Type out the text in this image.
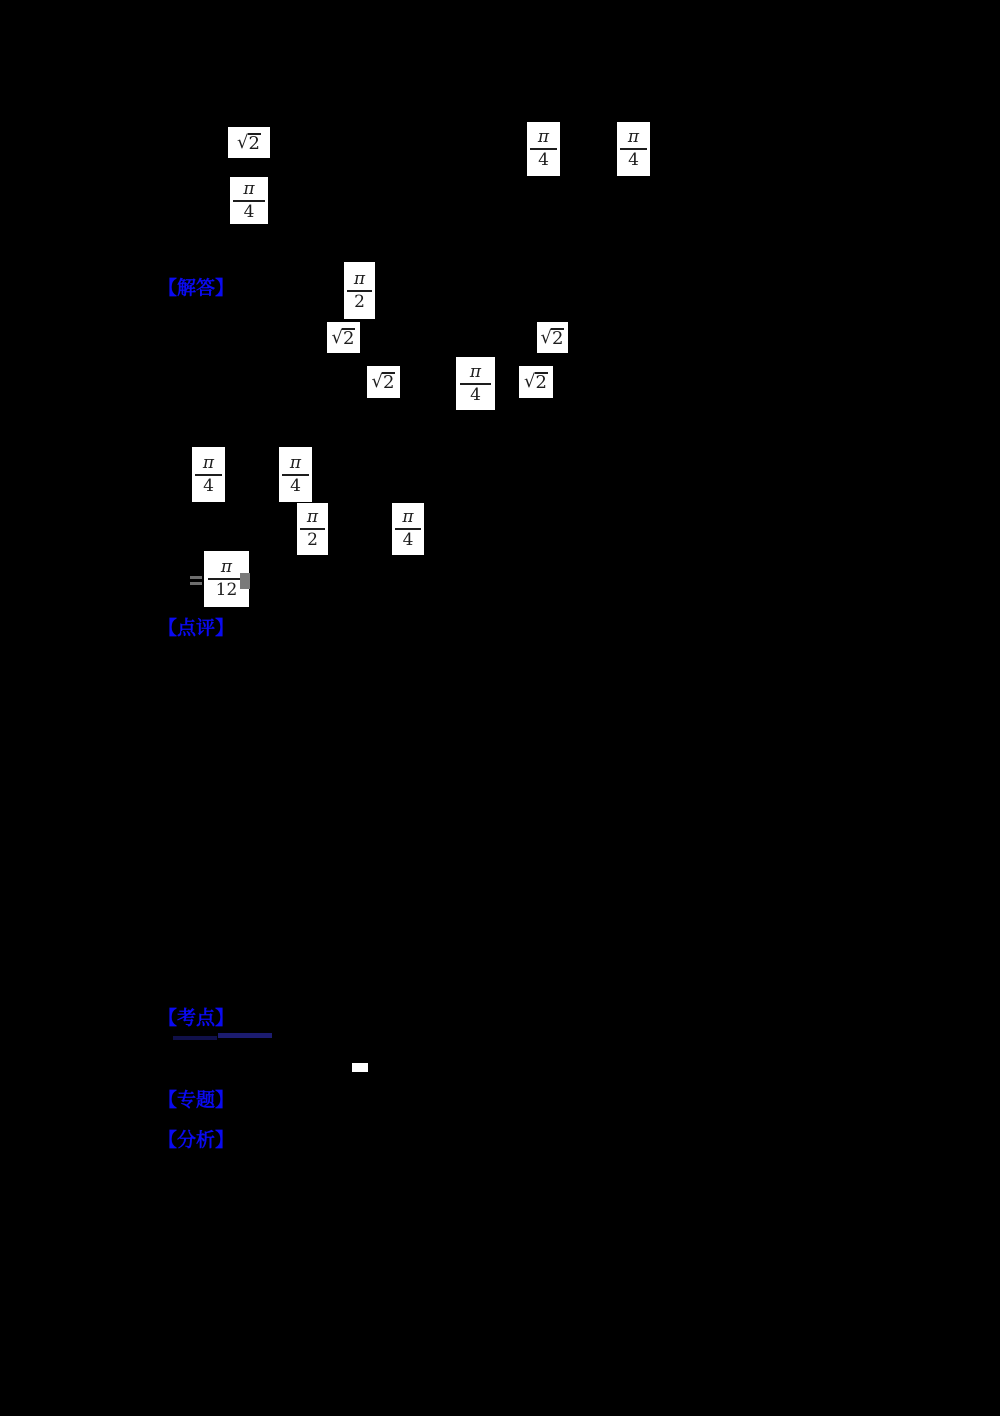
√ 2	π
4
π
4
π
4
【解答】	π
2
√ 2	√ 2
√ 2
π
4
√ 2
π
4
π
4
π
2
π
4
π
12
【点评】
【考点】
【专题】
【分析】
